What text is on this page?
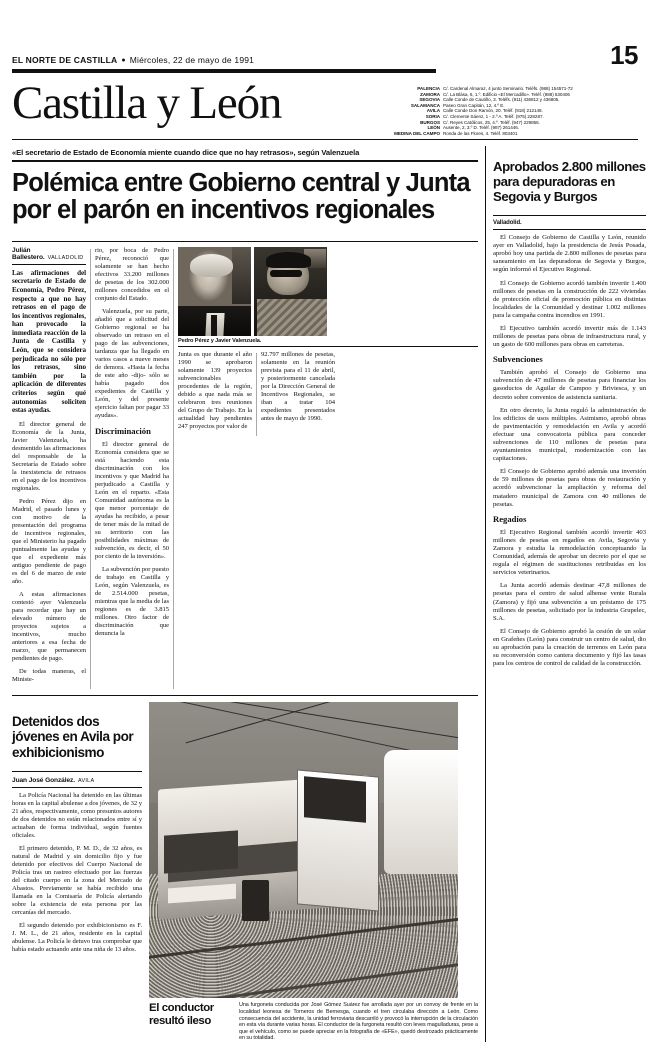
EL NORTE DE CASTILLA ● Miércoles, 22 de mayo de 1991	15
Castilla y León	PALENCIA C/. Cardenal Almaraz, 4 junto Seminario. Teléfs. (988) 154571-72
ZAMORA C/. La Blása, 6, 1.º. Edificio «El Mercadillo». Teléf. (988) 530406
SEGOVIA Calle Conde de Cautiño, 3. Teléfs. (911) 436812 y 436805.
SALAMANCA Paseo Gran Capitán, 12, 4.º E.
AVILA Calle Conde Don Ramón, 20. Teléf. (918) 212148.
SORIA C/. Clemente Sáenz, 1 - 2.º A. Teléf. (975) 228287.
BURGOS C/. Reyes Católicos, 25, 4.º. Teléf. (947) 229856.
LEÓN Ausente, 2, 3.º D. Teléf. (987) 261446.
MEDINA DEL CAMPO Ronda de las Flores, 4. Teléf. 803401
«El secretario de Estado de Economía miente cuando dice que no hay retrasos», según Valenzuela
Polémica entre Gobierno central y Junta por el parón en incentivos regionales
Julián Ballestero. VALLADOLID
Las afirmaciones del secretario de Estado de Economía, Pedro Pérez, respecto a que no hay retrasos en el pago de los incentivos regionales, han provocado la inmediata reacción de la Junta de Castilla y León, que se considera perjudicada no sólo por los retrasos, sino también por la aplicación de diferentes criterios según qué autonomías soliciten estas ayudas.

El director general de Economía de la Junta, Javier Valenzuela, ha desmentido las afirmaciones del responsable de la Secretaría de Estado sobre la inexistencia de retrasos en el pago de los incentivos regionales.

Pedro Pérez dijo en Madrid, el pasado lunes y con motivo de la presentación del programa de incentivos regionales, que el Ministerio ha pagado puntualmente las ayudas y que el expediente más antiguo pendiente de pago es del 6 de marzo de este año.

A estas afirmaciones contestó ayer Valenzuela para recordar que hay un elevado número de proyectos sujetos a incentivos, mucho anteriores a esa fecha de marzo, que permanecen pendientes de pago.

De todas maneras, el Ministe-

rio, por boca de Pedro Pérez, reconoció que solamente se han hecho efectivos 33.200 millones de pesetas de los 302.000 millones concedidos en el conjunto del Estado.

Valenzuela, por su parte, añadió que a solicitud del Gobierno regional se ha observado un retraso en el pago de las subvenciones, tardanza que ha llegado en varios casos a nueve meses de demora. «Hasta la fecha de este año -dijo- sólo se había pagado dos expedientes de Castilla y León, y del presente ejercicio faltan por pagar 33 ayudas».

Discriminación

El director general de Economía considera que se está haciendo esta discriminación con los incentivos y que Madrid ha perjudicado a Castilla y León en el reparto. «Esta Comunidad autónoma es la que menor porcentaje de ayudas ha recibido, a pesar de tener más de la mitad de su territorio con las posibilidades máximas de subvención, es decir, el 50 por ciento de la inversión».

La subvención por puesto de trabajo en Castilla y León, según Valenzuela, es de 2.514.000 pesetas, mientras que la media de las regiones es de 3.815 millones. Otro factor de discriminación que denuncia la

Pedro Pérez y Javier Valenzuela.

Junta es que durante el año 1990 se aprobaron solamente 139 proyectos subvencionables procedentes de la región, debido a que nada más se celebraron tres reuniones del Grupo de Trabajo. En la actualidad hay pendientes 247 proyectos por valor de

92.797 millones de pesetas, solamente en la reunión prevista para el 11 de abril, y posteriormente cancelada por la Dirección General de Incentivos Regionales, se iban a tratar 104 expedientes presentados antes de mayo de 1990.

Detenidos dos jóvenes en Avila por exhibicionismo
Juan José González. AVILA

La Policía Nacional ha detenido en las últimas horas en la capital abulense a dos jóvenes, de 32 y 21 años, respectivamente, como presuntos autores de dos detenidos no están relacionados entre sí y actuaban de forma individual, según fuentes oficiales.

El primero detenido, P. M. D., de 32 años, es natural de Madrid y sin domicilio fijo y fue detenido por efectivos del Cuerpo Nacional de Policía tras un rastreo efectuado por las fuerzas del citado cuerpo en la zona del Mercado de Abastos. Previamente se había recibido una llamada en la Comisaría de Policía alertando sobre la existencia de esta persona por las cercanías del mercado.

El segundo detenido por exhibicionismo es F. J. M. L., de 21 años, residente en la capital abulense. La Policía le detuvo tras comprobar que había estado actuando ante una niña de 13 años.

El conductor resultó ileso
Una furgoneta conducida por José Gómez Suárez fue arrollada ayer por un convoy de frente en la localidad leonesa de Torneros de Bernesga, cuando el tren circulaba dirección a León. Como consecuencia del accidente, la unidad ferroviaria descarriló y provocó la interrupción de la circulación en esta vía durante varias horas. El conductor de la furgoneta resultó con leves magulladuras, pese a que el vehículo, como se puede apreciar en la fotografía de «EFE», quedó destrozado prácticamente en su totalidad.
Aprobados 2.800 millones para depuradoras en Segovia y Burgos
Valladolid.

El Consejo de Gobierno de Castilla y León, reunido ayer en Valladolid, bajo la presidencia de Jesús Posada, aprobó hoy una partida de 2.800 millones de pesetas para saneamiento en las depuradoras de Segovia y Burgos, según informó el Ejecutivo Regional.

El Consejo de Gobierno acordó también invertir 1.400 millones de pesetas en la construcción de 222 viviendas de protección oficial de promoción pública en distintas localidades de la Comunidad y destinar 1.002 millones para la campaña contra incendios en 1991.

El Ejecutivo también acordó invertir más de 1.143 millones de pesetas para obras de infraestructura rural, y un gasto de 600 millones para obras en carreteras.

Subvenciones

También aprobó el Consejo de Gobierno una subvención de 47 millones de pesetas para financiar los gasoductos de Aguilar de Campoo y Briviesca, y un decreto sobre convenios de asistencia sanitaria.

En otro decreto, la Junta reguló la administración de los edificios de usos múltiples. Asimismo, aprobó obras de pavimentación y remodelación en Avila y acordó efectuar una convocatoria pública para conceder subvenciones de 110 millones de pesetas para ayuntamientos municipal, modernización con las capitaciones.

El Consejo de Gobierno aprobó además una inversión de 59 millones de pesetas para obras de restauración y acordó subvencionar la ampliación y reforma del matadero municipal de Zamora con 40 millones de pesetas.

Regadíos

El Ejecutivo Regional también acordó invertir 403 millones de pesetas en regadíos en Avila, Segovia y Zamora y estudia la remodelación conceptuando la Comunidad, además de aprobar un decreto por el que se regula el régimen de sustituciones retribuidas en los servicios veterinarios.

La Junta acordó además destinar 47,8 millones de pesetas para el centro de salud albense vente Rurala (Zamora) y fijó una subvención a un préstamo de 175 millones de pesetas, solicitado por la industria Grupelec, S.A.

El Consejo de Gobierno aprobó la cesión de un solar en Grafeñes (León) para construir un centro de salud, dio su aprobación para la creación de terrenos en León para su reconversión como cantera documento y fijó las tasas para los centros de control de calidad de la construcción.
